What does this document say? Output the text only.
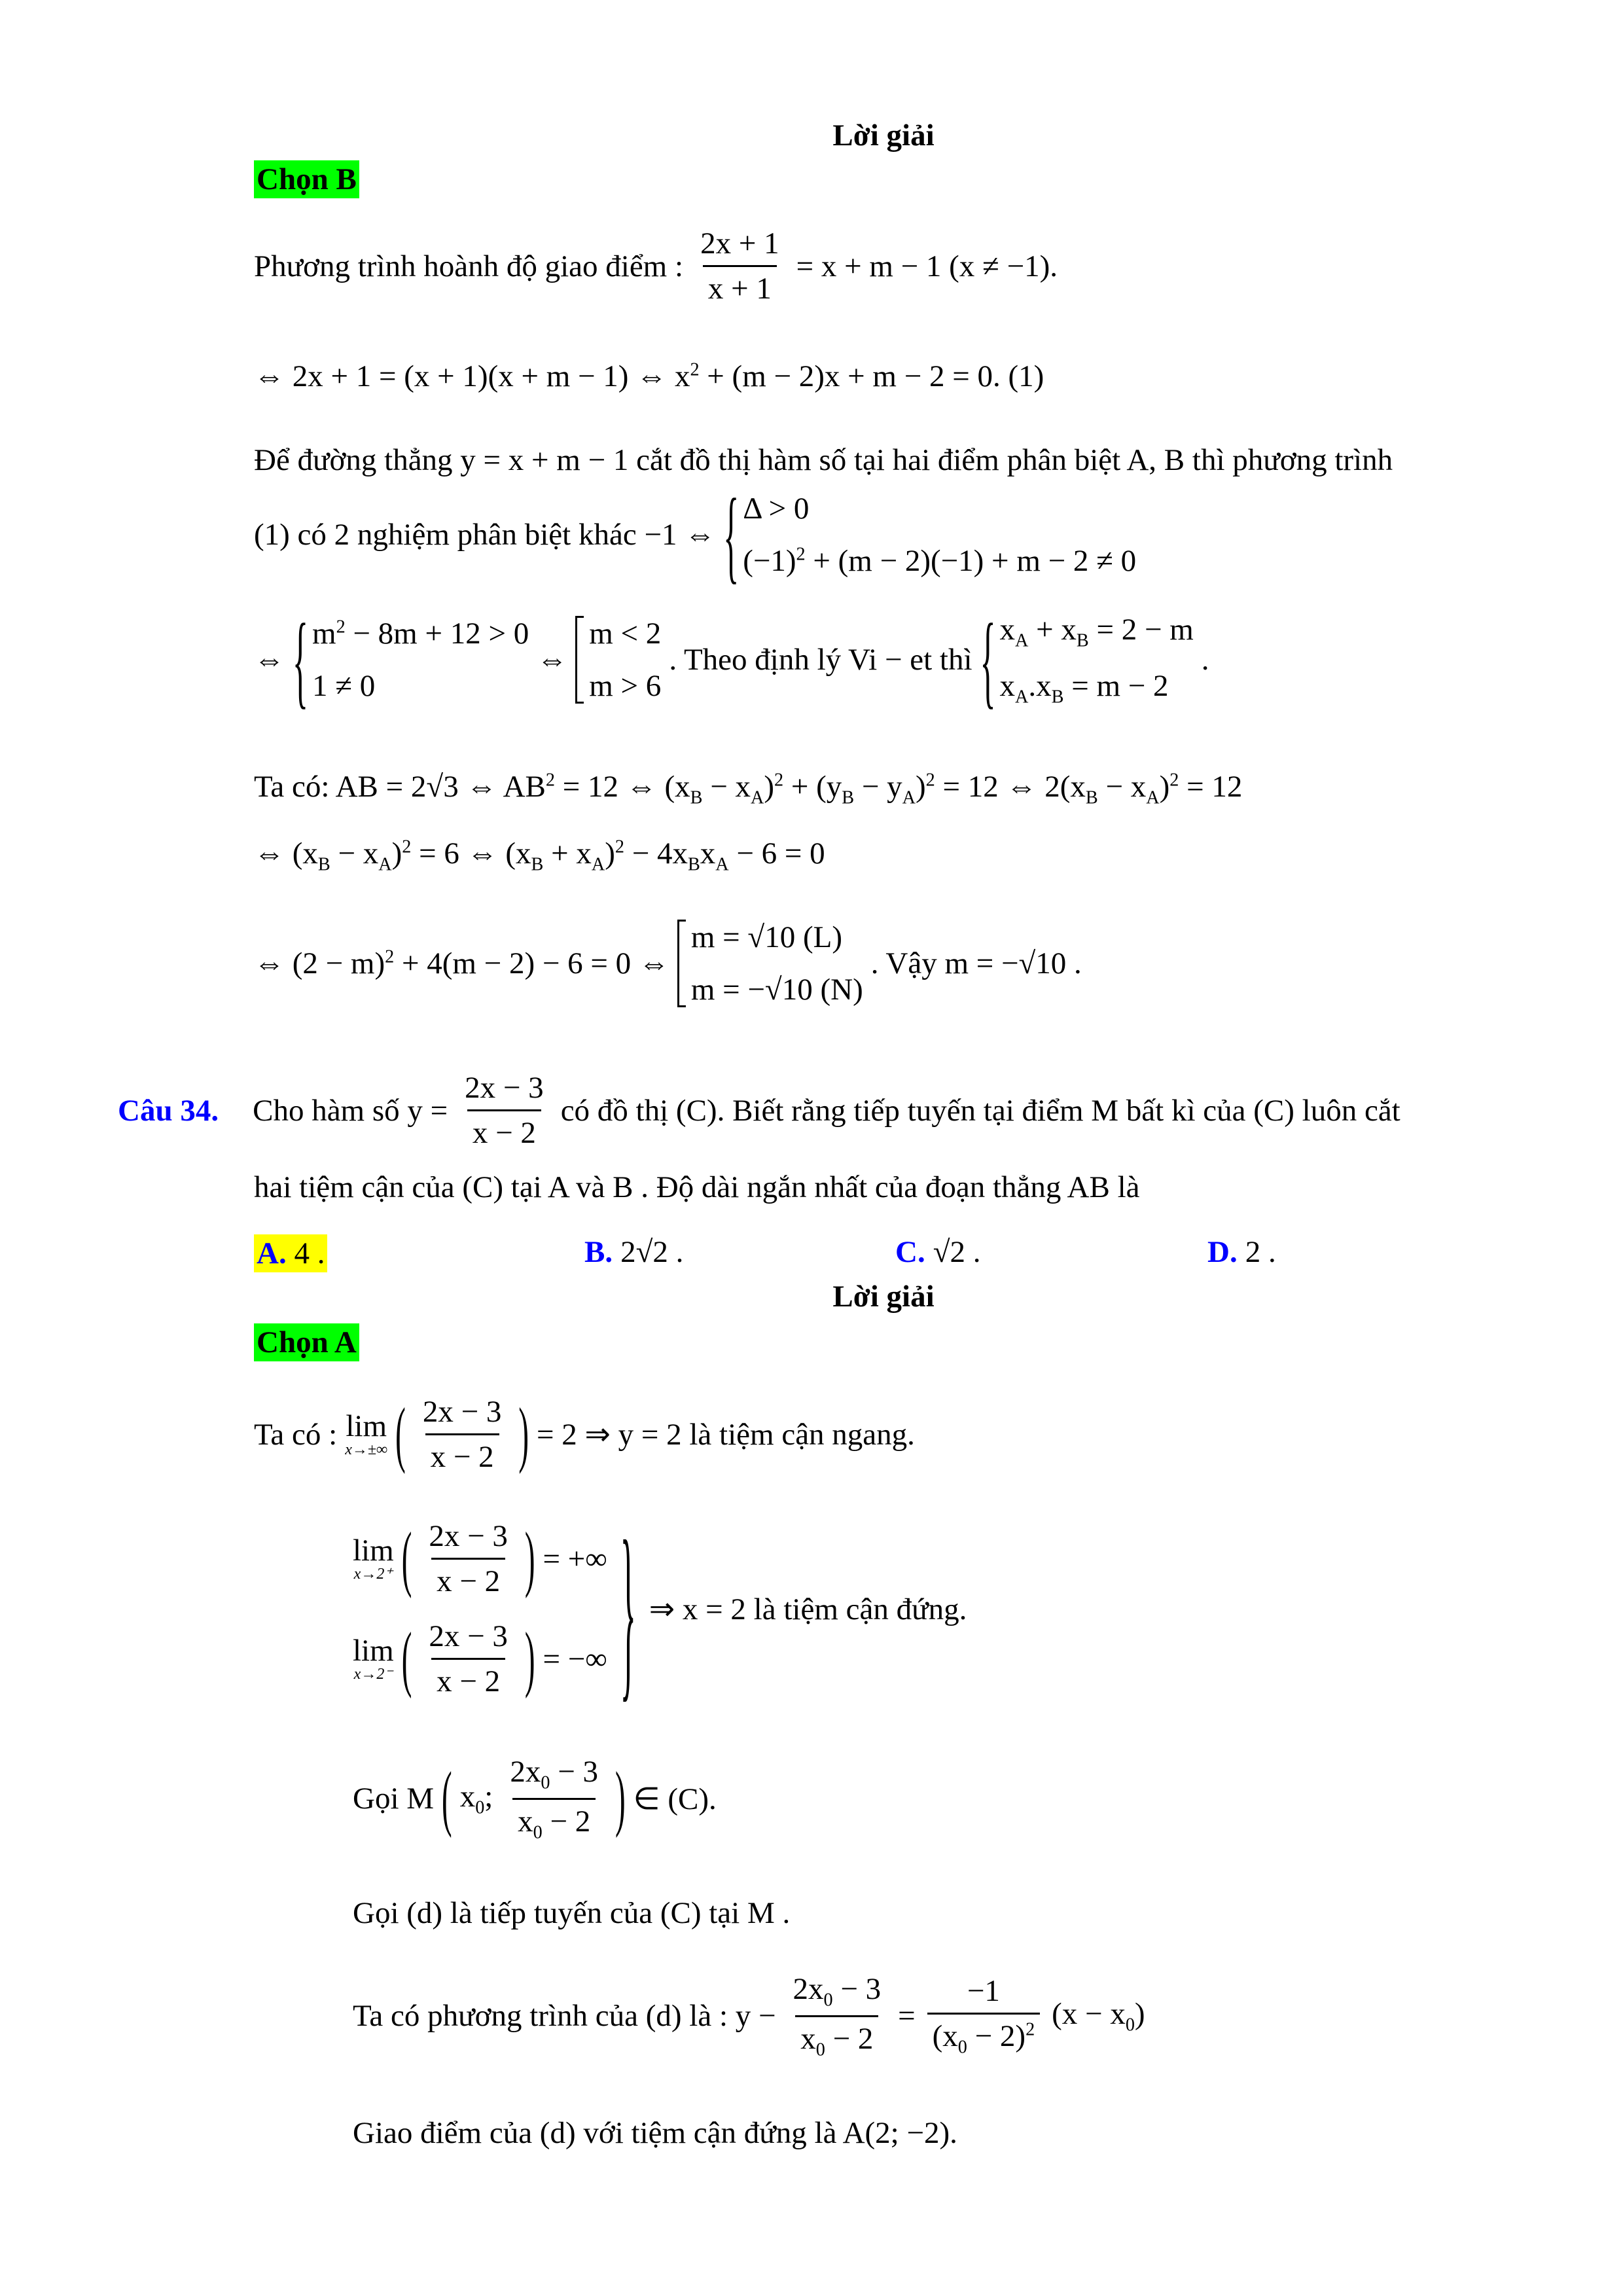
Lời giải
Chọn B
Phương trình hoành độ giao điểm : $\frac{2x + 1}{x + 1} = x + m - 1$ (x ≠ −1).
⇔ 2x + 1 = (x + 1)(x + m − 1) ⇔ $x^2 + (m - 2)x + m - 2 = 0$. (1)
Để đường thẳng y = x + m − 1 cắt đồ thị hàm số tại hai điểm phân biệt A, B thì phương trình
(1) có 2 nghiệm phân biệt khác −1 ⇔ { Δ > 0
$(-1)^2 + (m - 2)(-1) + m - 2 \ne 0$
⇔ { $m^2 - 8m + 12 > 0$
1 ≠ 0
⇔
m < 2
m > 6
. Theo định lý Vi − et thì { $x_A + x_B = 2 - m$
$x_A.x_B = m - 2$
.
Ta có: AB = 2√3 ⇔ $AB^2 = 12$ ⇔ $(x_B - x_A)^2 + (y_B - y_A)^2 = 12$ ⇔ $2(x_B - x_A)^2 = 12$
⇔ $(x_B - x_A)^2 = 6$ ⇔ $(x_B + x_A)^2 - 4x_Bx_A - 6 = 0$
⇔ $(2 - m)^2 + 4(m - 2) - 6 = 0$ ⇔
m = √10 (L)
m = −√10 (N)
. Vậy m = −√10 .
Câu 34. Cho hàm số $y = \frac{2x - 3}{x - 2}$ có đồ thị (C). Biết rằng tiếp tuyến tại điểm M bất kì của (C) luôn cắt
hai tiệm cận của (C) tại A và B . Độ dài ngắn nhất của đoạn thẳng AB là
A. 4 .	B. 2√2 .	C. √2 .	D. 2 .
Lời giải
Chọn A
Ta có : lim
x→±∞ ( $\frac{2x - 3}{x - 2}$ ) = 2 ⇒ y = 2 là tiệm cận ngang.
lim
x→2⁺ ( $\frac{2x - 3}{x - 2}$ ) = +∞
lim
x→2⁻ ( $\frac{2x - 3}{x - 2}$ ) = −∞ } ⇒ x = 2 là tiệm cận đứng.
Gọi M ( $x_0$; $\frac{2x_0 - 3}{x_0 - 2}$ ) ∈ (C).
Gọi (d) là tiếp tuyến của (C) tại M .
Ta có phương trình của (d) là : $y - \frac{2x_0 - 3}{x_0 - 2} = \frac{-1}{(x_0 - 2)^2} (x - x_0)$
Giao điểm của (d) với tiệm cận đứng là A(2; −2).
